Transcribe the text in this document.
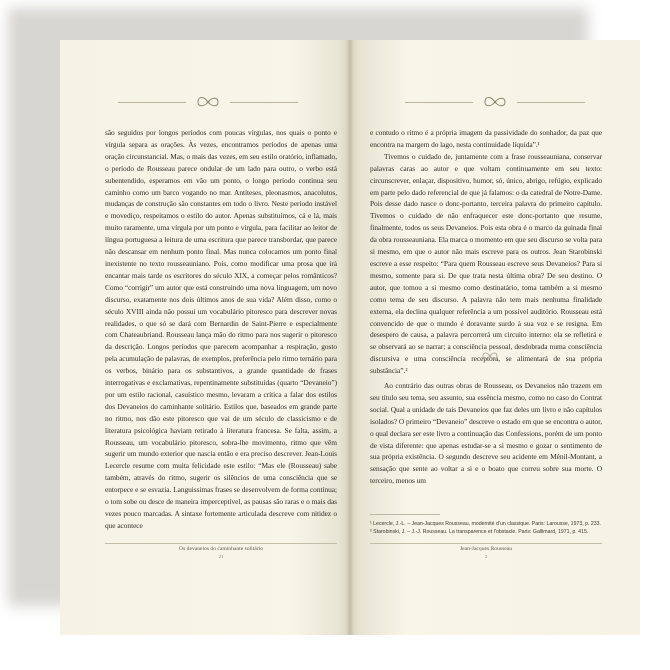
são seguidos por longos períodos com poucas vírgulas, nos quais o ponto e vírgula separa as orações. Às vezes, encontramos períodos de apenas uma oração circunstancial. Mas, o mais das vezes, em seu estilo oratório, inflamado, o período de Rousseau parece ondular de um lado para outro, o verbo está subentendido, esperamos em vão um ponto, o longo período continua seu caminho como um barco vogando no mar. Antíteses, pleonasmos, anacolutos, mudanças de construção são constantes em todo o livro. Neste período instável e movediço, respeitamos o estilo do autor. Apenas substituímos, cá e lá, mais muito raramente, uma vírgula por um ponto e vírgula, para facilitar ao leitor de língua portuguesa a leitura de uma escritura que parece transbordar, que parece não descansar em nenhum ponto final. Mas nunca colocamos um ponto final inexistente no texto rousseauniano. Pois, como modificar uma prosa que irá encantar mais tarde os escritores do século XIX, a começar pelos românticos? Como “corrigir” um autor que está construindo uma nova linguagem, um novo discurso, exatamente nos dois últimos anos de sua vida? Além disso, como o século XVIII ainda não possui um vocabulário pitoresco para descrever novas realidades, o que só se dará com Bernardin de Saint-Pierre e especialmente com Chateaubriand. Rousseau lança mão do ritmo para nos sugerir o pitoresco da descrição. Longos períodos que parecem acompanhar a respiração, gosto pela acumulação de palavras, de exemplos, preferência pelo ritmo ternário para os verbos, binário para os substantivos, a grande quantidade de frases interrogativas e exclamativas, repentinamente substituídas (quarto “Devaneio”) por um estilo racional, casuístico mesmo, levaram a crítica a falar dos estilos dos Devaneios do caminhante solitário. Estilos que, baseados em grande parte no ritmo, nos dão este pitoresco que vai de um século de classicismo e de literatura psicológica haviam retirado à literatura francesa. Se falta, assim, a Rousseau, um vocabulário pitoresco, sobra-lhe movimento, ritmo que vêm sugerir um mundo exterior que nascia então e era preciso descrever. Jean-Louis Lecercle resume com muita felicidade este estilo: “Mas ele (Rousseau) sabe também, através do ritmo, sugerir os silêncios de uma consciência que se entorpece e se esvazia. Languissimas frases se desenvolvem de forma contínua; o tom sobe ou desce de maneira imperceptível, as pausas são raras e o mais das vezes pouco marcadas. A sintaxe fortemente articulada descreve com nitidez o que acontece

Os devaneios do caminhante solitário
21

e contudo o ritmo é a própria imagem da passividade do sonhador, da paz que encontra na margem do lago, nesta continuidade líquida”.¹

Tivemos o cuidado de, juntamente com a frase rousseauniana, conservar palavras caras ao autor e que voltam continuamente em seu texto: circunscrever, enlaçar, dispositivo, humor, só, único, abrigo, refúgio, explicado em parte pelo dado referencial de que já falamos: o da catedral de Notre-Dame. Pois desse dado nasce o donc-portanto, terceira palavra do primeiro capítulo. Tivemos o cuidado de não enfraquecer este donc-portanto que resume, finalmente, todos os seus Devaneios. Pois esta obra é o marco da guinada final da obra rousseauniana. Ela marca o momento em que seu discurso se volta para si mesmo, em que o autor não mais escreve para os outros. Jean Starobinski escreve a esse respeito: “Para quem Rousseau escreve seus Devaneios? Para si mesmo, somente para si. De que trata nesta última obra? De seu destino. O autor, que tomou a si mesmo como destinatário, toma também a si mesmo como tema de seu discurso. A palavra não tem mais nenhuma finalidade externa, ela declina qualquer referência a um possível auditório. Rousseau está convencido de que o mundo é doravante surdo à sua voz e se resigna. Em desespero de causa, a palavra percorrerá um circuito interno: ela se refletirá e se observará ao se narrar; a consciência pessoal, desdobrada numa consciência discursiva e uma consciência receptora, se alimentará de sua própria substância”.²

Ao contrário das outras obras de Rousseau, os Devaneios não trazem em seu título seu tema, seu assunto, sua essência mesmo, como no caso do Contrat social. Qual a unidade de tais Devaneios que faz deles um livro e não capítulos isolados? O primeiro “Devaneio” descreve o estado em que se encontra o autor, o qual declara ser este livro a continuação das Confessions, porém de um ponto de vista diferente: que apenas estudar-se a si mesmo e gozar o sentimento de sua própria existência. O segundo descreve seu acidente em Ménil-Montant, a sensação que sente ao voltar a si e o boato que correu sobre sua morte. O terceiro, menos um

¹ Lecercle, J.-L. – Jean-Jacques Rousseau, modernité d’un classique. Paris: Larousse, 1973, p. 233.

² Starobinski, J. – J.-J. Rousseau. La transparence et l’obstacle. Paris: Gallimard, 1971, p. 415.

Jean-Jacques Rousseau
2
